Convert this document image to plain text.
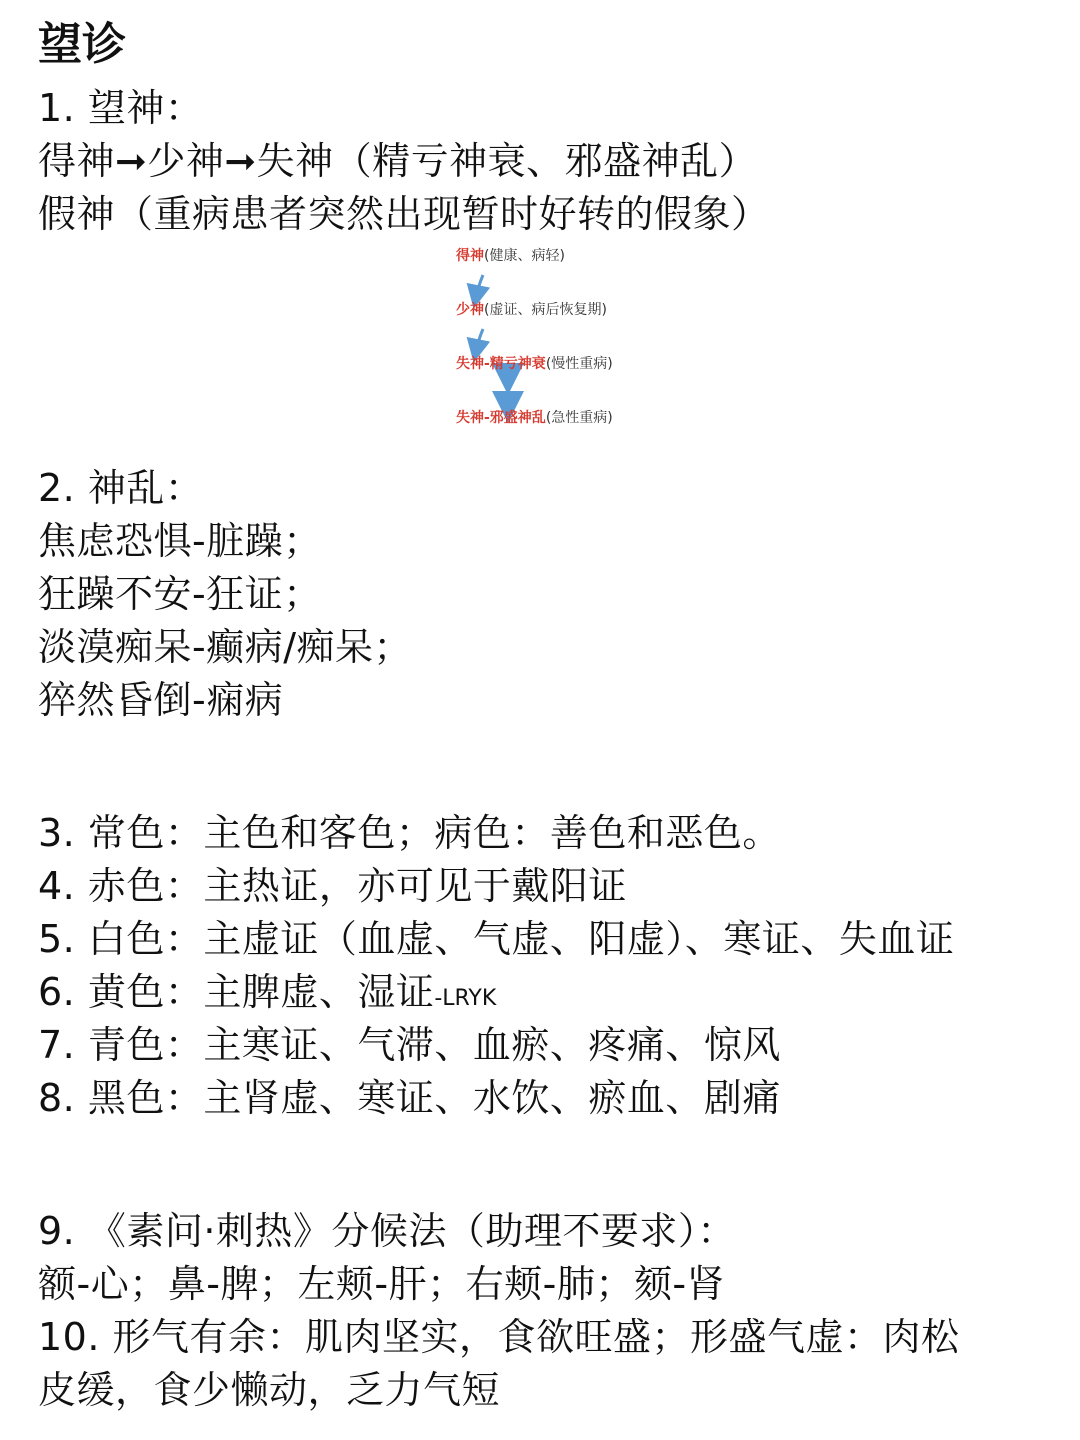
望诊
1. 望神：
得神➞少神➞失神（精亏神衰、邪盛神乱）
假神（重病患者突然出现暂时好转的假象）
得神(健康、病轻)
少神(虚证、病后恢复期)
失神-精亏神衰(慢性重病)
失神-邪盛神乱(急性重病)
2. 神乱：
焦虑恐惧-脏躁；
狂躁不安-狂证；
淡漠痴呆-癫病/痴呆；
猝然昏倒-痫病
3. 常色：主色和客色；病色：善色和恶色。
4. 赤色：主热证，亦可见于戴阳证
5. 白色：主虚证（血虚、气虚、阳虚）、寒证、失血证
6. 黄色：主脾虚、湿证-LRYK
7. 青色：主寒证、气滞、血瘀、疼痛、惊风
8. 黑色：主肾虚、寒证、水饮、瘀血、剧痛
9. 《素问·刺热》分候法（助理不要求）：
额-心；鼻-脾；左颊-肝；右颊-肺；颏-肾
10. 形气有余：肌肉坚实，食欲旺盛；形盛气虚：肉松
皮缓，食少懒动，乏力气短
